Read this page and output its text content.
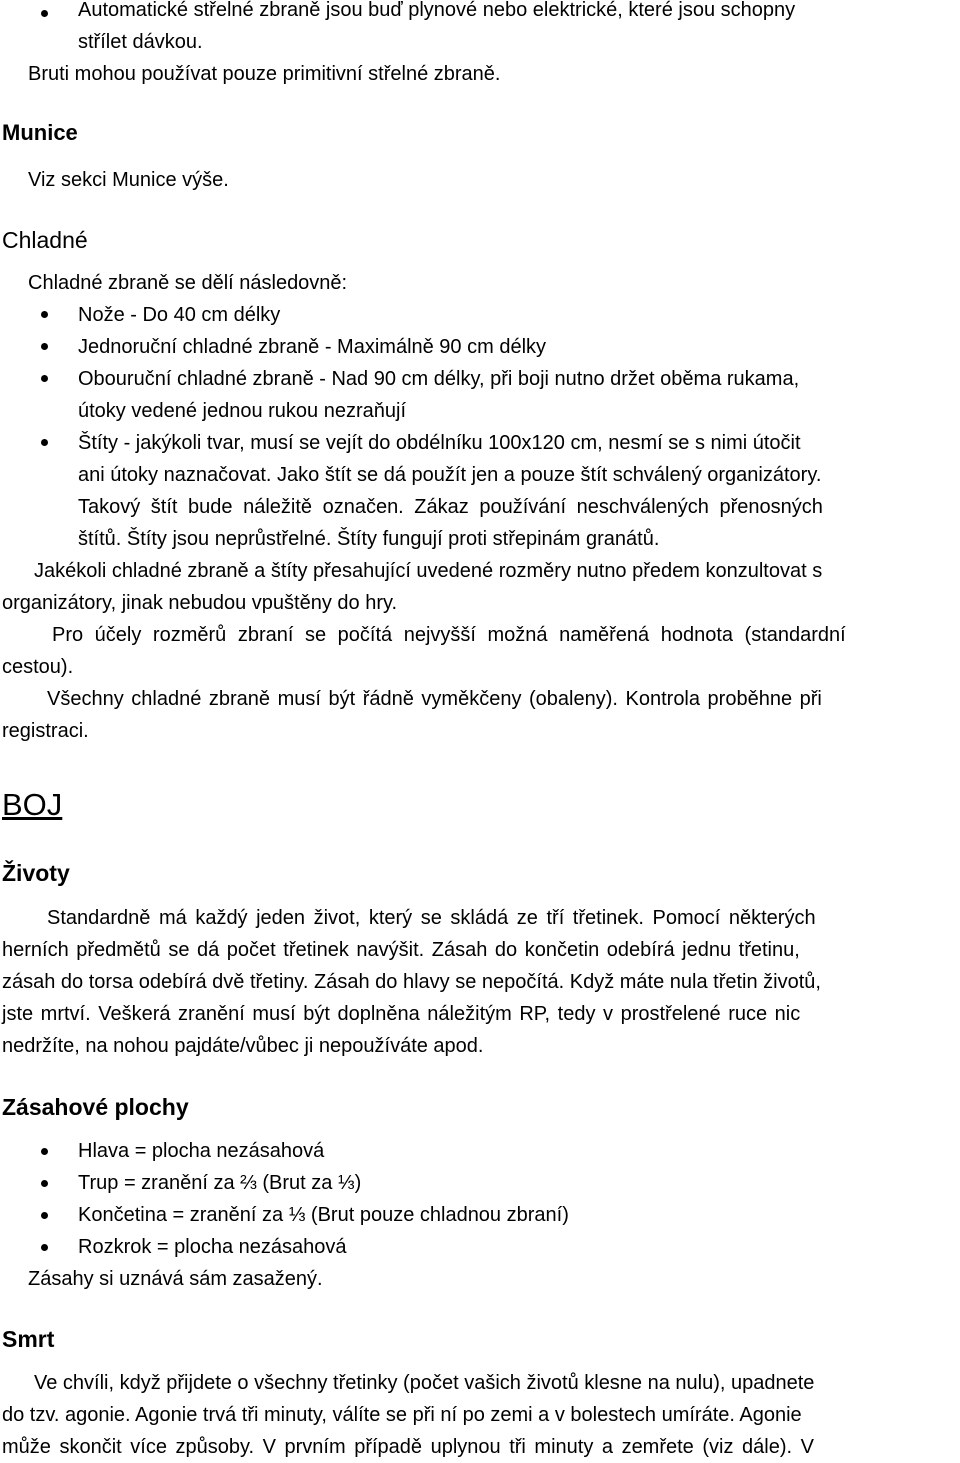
Automatické střelné zbraně jsou buď plynové nebo elektrické, které jsou schopny
střílet dávkou.
Bruti mohou používat pouze primitivní střelné zbraně.
Munice
Viz sekci Munice výše.
Chladné
Chladné zbraně se dělí následovně:
Nože - Do 40 cm délky
Jednoruční chladné zbraně - Maximálně 90 cm délky
Obouruční chladné zbraně - Nad 90 cm délky, při boji nutno držet oběma rukama,
útoky vedené jednou rukou nezraňují
Štíty - jakýkoli tvar, musí se vejít do obdélníku 100x120 cm, nesmí se s nimi útočit
ani útoky naznačovat. Jako štít se dá použít jen a pouze štít schválený organizátory.
Takový štít bude náležitě označen. Zákaz používání neschválených přenosných
štítů. Štíty jsou neprůstřelné. Štíty fungují proti střepinám granátů.
Jakékoli chladné zbraně a štíty přesahující uvedené rozměry nutno předem konzultovat s
organizátory, jinak nebudou vpuštěny do hry.
Pro účely rozměrů zbraní se počítá nejvyšší možná naměřená hodnota (standardní
cestou).
Všechny chladné zbraně musí být řádně vyměkčeny (obaleny). Kontrola proběhne při
registraci.
BOJ
Životy
Standardně má každý jeden život, který se skládá ze tří třetinek. Pomocí některých
herních předmětů se dá počet třetinek navýšit. Zásah do končetin odebírá jednu třetinu,
zásah do torsa odebírá dvě třetiny. Zásah do hlavy se nepočítá. Když máte nula třetin životů,
jste mrtví. Veškerá zranění musí být doplněna náležitým RP, tedy v prostřelené ruce nic
nedržíte, na nohou pajdáte/vůbec ji nepoužíváte apod.
Zásahové plochy
Hlava = plocha nezásahová
Trup = zranění za ⅔ (Brut za ⅓)
Končetina = zranění za ⅓ (Brut pouze chladnou zbraní)
Rozkrok = plocha nezásahová
Zásahy si uznává sám zasažený.
Smrt
Ve chvíli, když přijdete o všechny třetinky (počet vašich životů klesne na nulu), upadnete
do tzv. agonie. Agonie trvá tři minuty, válíte se při ní po zemi a v bolestech umíráte. Agonie
může skončit více způsoby. V prvním případě uplynou tři minuty a zemřete (viz dále). V
